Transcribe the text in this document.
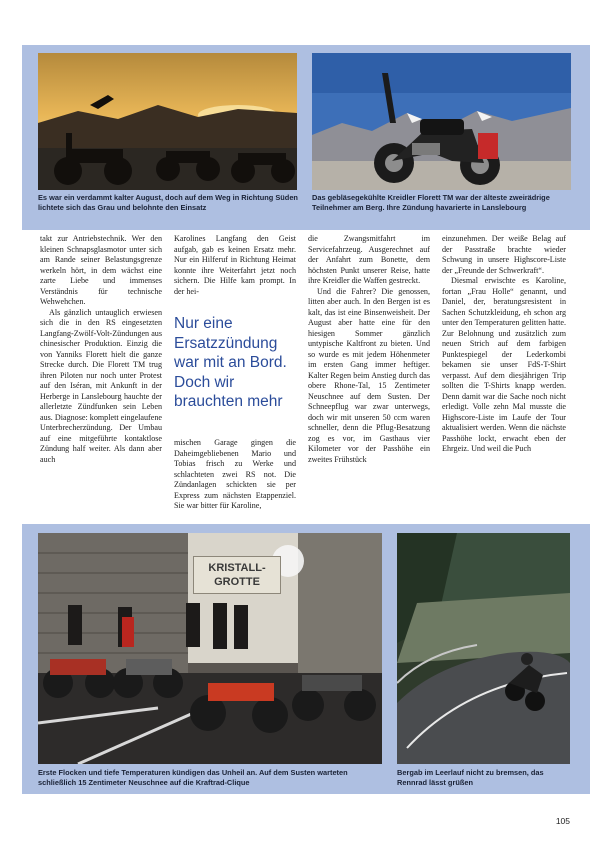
Es war ein verdammt kalter August, doch auf dem Weg in Richtung Süden lichtete sich das Grau und belohnte den Einsatz
Das gebläsegekühlte Kreidler Florett TM war der älteste zweirädrige Teilnehmer am Berg. Ihre Zündung havarierte in Lanslebourg

takt zur Antriebstechnik. Wer den kleinen Schnapsglasmotor unter sich am Rande seiner Belastungsgrenze werkeln hört, in dem wächst eine zarte Liebe und immenses Verständnis für technische Wehwehchen.

Als gänzlich untauglich erwiesen sich die in den RS eingesetzten Langfang-Zwölf-Volt-Zündungen aus chinesischer Produktion. Einzig die von Yanniks Florett hielt die ganze Strecke durch. Die Florett TM trug ihren Piloten nur noch unter Protest auf den Iséran, mit Ankunft in der Herberge in Lanslebourg hauchte der allerletzte Zündfunken sein Leben aus. Diagnose: komplett eingelaufene Unterbrecherzündung. Der Umbau auf eine mitgeführte kontaktlose Zündung half weiter. Als dann aber auch

Karolines Langfang den Geist aufgab, gab es keinen Ersatz mehr. Nur ein Hilferuf in Richtung Heimat konnte ihre Weiterfahrt jetzt noch sichern. Die Hilfe kam prompt. In der hei-

Nur eine Ersatzzündung war mit an Bord. Doch wir brauchten mehr

mischen Garage gingen die Daheimgebliebenen Mario und Tobias frisch zu Werke und schlachteten zwei RS not. Die Zündanlagen schickten sie per Express zum nächsten Etappenziel. Sie war bitter für Karoline,

die Zwangsmitfahrt im Servicefahrzeug. Ausgerechnet auf der Anfahrt zum Bonette, dem höchsten Punkt unserer Reise, hatte ihre Kreidler die Waffen gestreckt.

Und die Fahrer? Die genossen, litten aber auch. In den Bergen ist es kalt, das ist eine Binsenweisheit. Der August aber hatte eine für den hiesigen Sommer gänzlich untypische Kaltfront zu bieten. Und so wurde es mit jedem Höhenmeter im ersten Gang immer heftiger. Kalter Regen beim Anstieg durch das obere Rhone-Tal, 15 Zentimeter Neuschnee auf dem Susten. Der Schneepflug war zwar unterwegs, doch wir mit unseren 50 ccm waren schneller, denn die Pflug-Besatzung zog es vor, im Gasthaus vier Kilometer vor der Passhöhe ein zweites Frühstück

einzunehmen. Der weiße Belag auf der Passtraße brachte wieder Schwung in unsere Highscore-Liste der „Freunde der Schwerkraft“.

Diesmal erwischte es Karoline, fortan „Frau Holle“ genannt, und Daniel, der, beratungsresistent in Sachen Schutzkleidung, eh schon arg unter den Temperaturen gelitten hatte. Zur Belohnung und zusätzlich zum neuen Strich auf dem farbigen Punktespiegel der Lederkombi bekamen sie unser FdS-T-Shirt verpasst. Auf dem diesjährigen Trip sollten die T-Shirts knapp werden. Denn damit war die Sache noch nicht erledigt. Volle zehn Mal musste die Highscore-Liste im Laufe der Tour aktualisiert werden. Wenn die nächste Passhöhe lockt, erwacht eben der Ehrgeiz. Und weil die Puch

KRISTALL-
GROTTE
Erste Flocken und tiefe Temperaturen kündigen das Unheil an. Auf dem Susten warteten schließlich 15 Zentimeter Neuschnee auf die Kraftrad-Clique
Bergab im Leerlauf nicht zu bremsen, das Rennrad lässt grüßen
105
